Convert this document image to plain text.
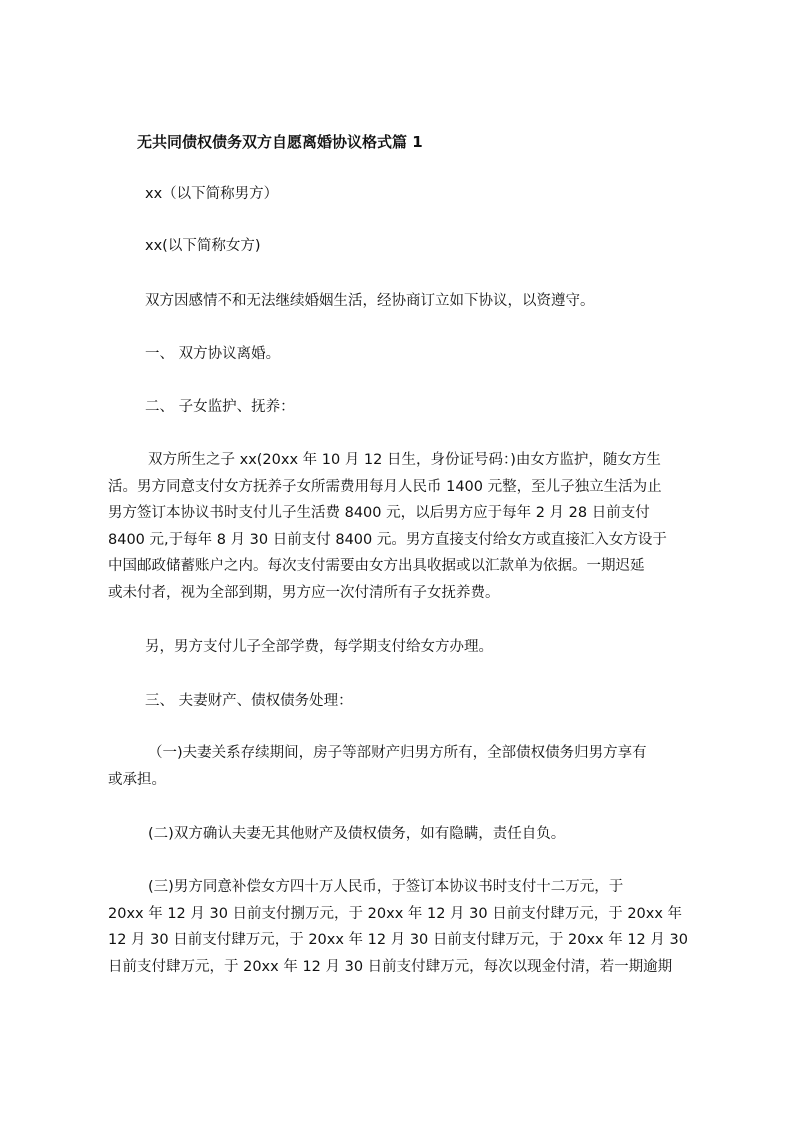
无共同债权债务双方自愿离婚协议格式篇 1
xx（以下简称男方）
xx(以下简称女方)
双方因感情不和无法继续婚姻生活，经协商订立如下协议，以资遵守。
一、 双方协议离婚。
二、 子女监护、抚养：
双方所生之子 xx(20xx 年 10 月 12 日生，身份证号码：)由女方监护，随女方生
活。男方同意支付女方抚养子女所需费用每月人民币 1400 元整，至儿子独立生活为止
男方签订本协议书时支付儿子生活费 8400 元，以后男方应于每年 2 月 28 日前支付
8400 元,于每年 8 月 30 日前支付 8400 元。男方直接支付给女方或直接汇入女方设于
中国邮政储蓄账户之内。每次支付需要由女方出具收据或以汇款单为依据。一期迟延
或未付者，视为全部到期，男方应一次付清所有子女抚养费。
另，男方支付儿子全部学费，每学期支付给女方办理。
三、 夫妻财产、债权债务处理：
（一)夫妻关系存续期间，房子等部财产归男方所有，全部债权债务归男方享有
或承担。
(二)双方确认夫妻无其他财产及债权债务，如有隐瞒，责任自负。
(三)男方同意补偿女方四十万人民币，于签订本协议书时支付十二万元，于
20xx 年 12 月 30 日前支付捌万元，于 20xx 年 12 月 30 日前支付肆万元，于 20xx 年
12 月 30 日前支付肆万元，于 20xx 年 12 月 30 日前支付肆万元，于 20xx 年 12 月 30
日前支付肆万元，于 20xx 年 12 月 30 日前支付肆万元，每次以现金付清，若一期逾期
